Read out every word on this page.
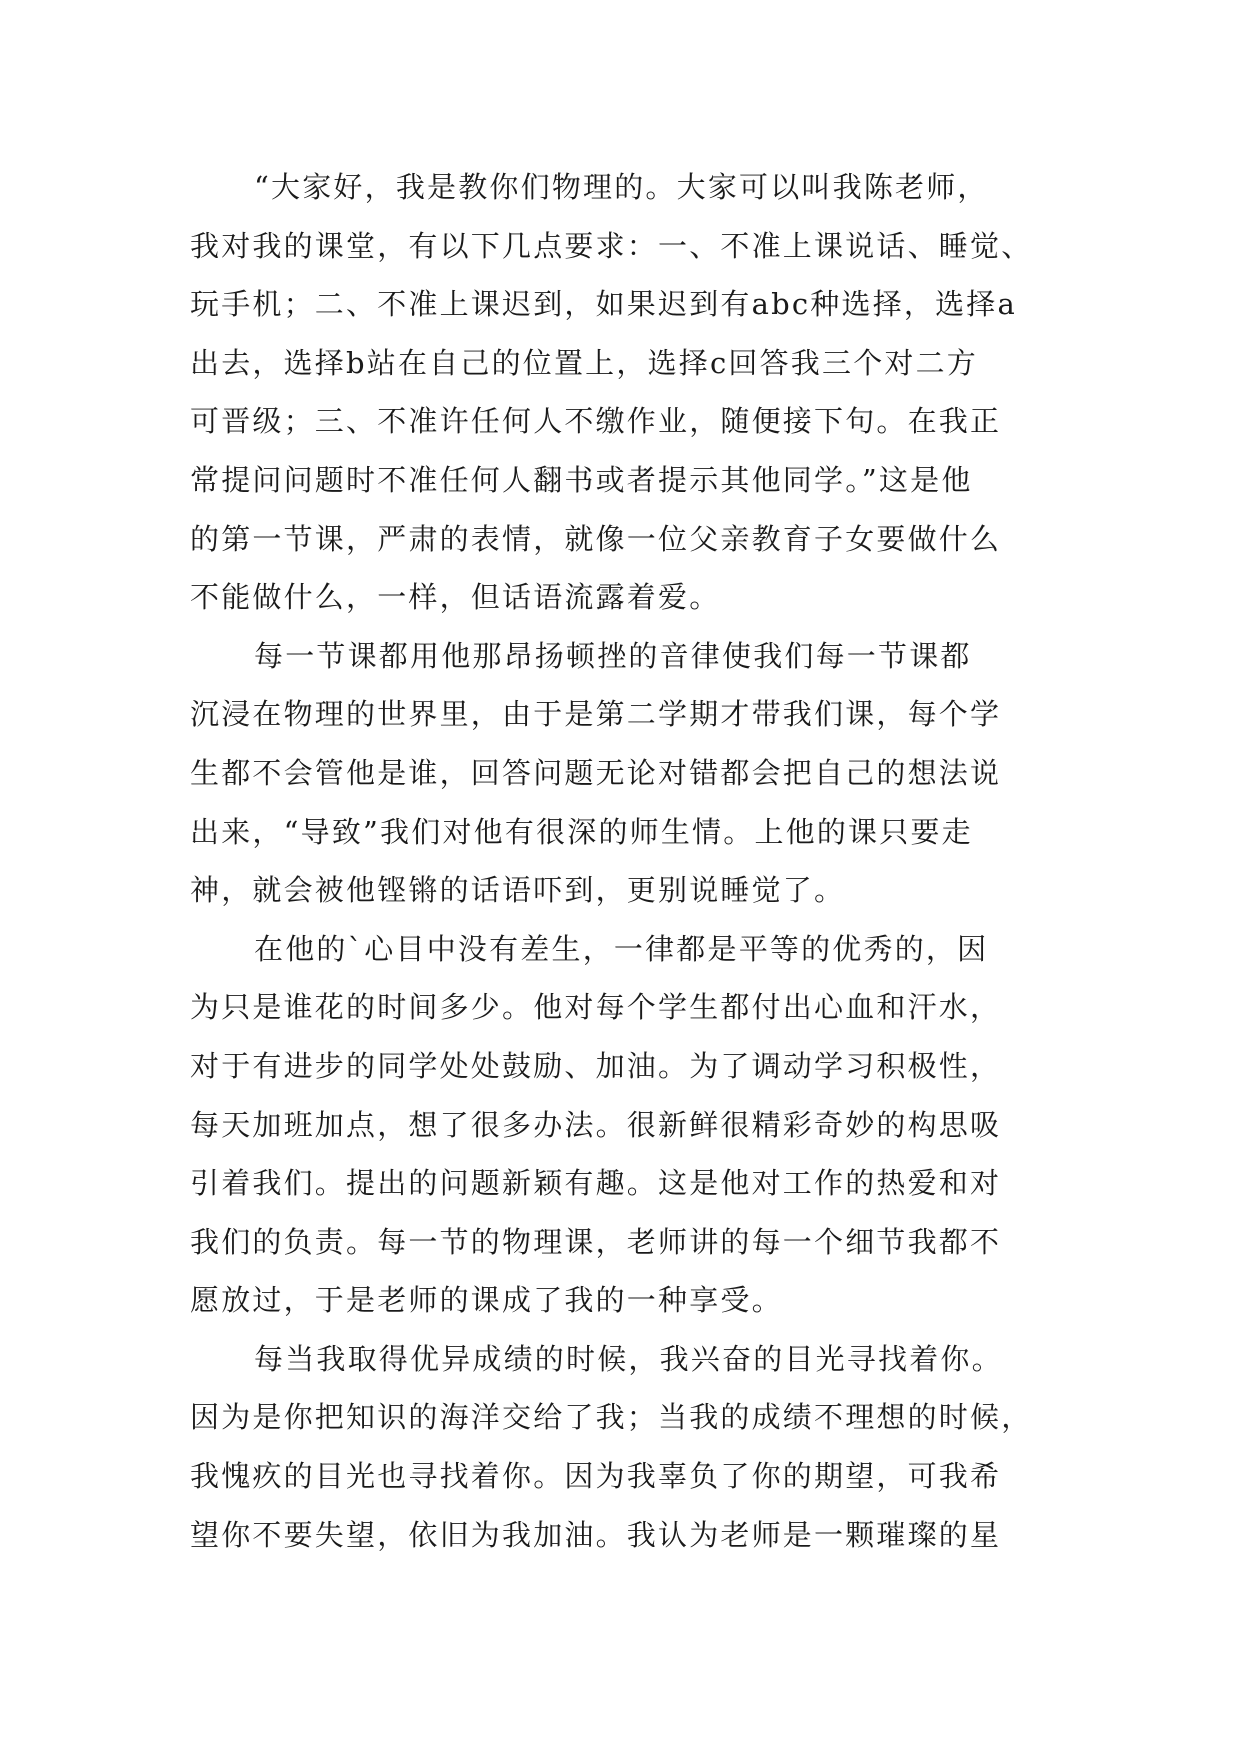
“大家好，我是教你们物理的。大家可以叫我陈老师，
我对我的课堂，有以下几点要求：一、不准上课说话、睡觉、
玩手机；二、不准上课迟到，如果迟到有abc种选择，选择a
出去，选择b站在自己的位置上，选择c回答我三个对二方
可晋级；三、不准许任何人不缴作业，随便接下句。在我正
常提问问题时不准任何人翻书或者提示其他同学。”这是他
的第一节课，严肃的表情，就像一位父亲教育子女要做什么
不能做什么，一样，但话语流露着爱。
每一节课都用他那昂扬顿挫的音律使我们每一节课都
沉浸在物理的世界里，由于是第二学期才带我们课，每个学
生都不会管他是谁，回答问题无论对错都会把自己的想法说
出来，“导致”我们对他有很深的师生情。上他的课只要走
神，就会被他铿锵的话语吓到，更别说睡觉了。
在他的`心目中没有差生，一律都是平等的优秀的，因
为只是谁花的时间多少。他对每个学生都付出心血和汗水，
对于有进步的同学处处鼓励、加油。为了调动学习积极性，
每天加班加点，想了很多办法。很新鲜很精彩奇妙的构思吸
引着我们。提出的问题新颖有趣。这是他对工作的热爱和对
我们的负责。每一节的物理课，老师讲的每一个细节我都不
愿放过，于是老师的课成了我的一种享受。
每当我取得优异成绩的时候，我兴奋的目光寻找着你。
因为是你把知识的海洋交给了我；当我的成绩不理想的时候，
我愧疚的目光也寻找着你。因为我辜负了你的期望，可我希
望你不要失望，依旧为我加油。我认为老师是一颗璀璨的星
